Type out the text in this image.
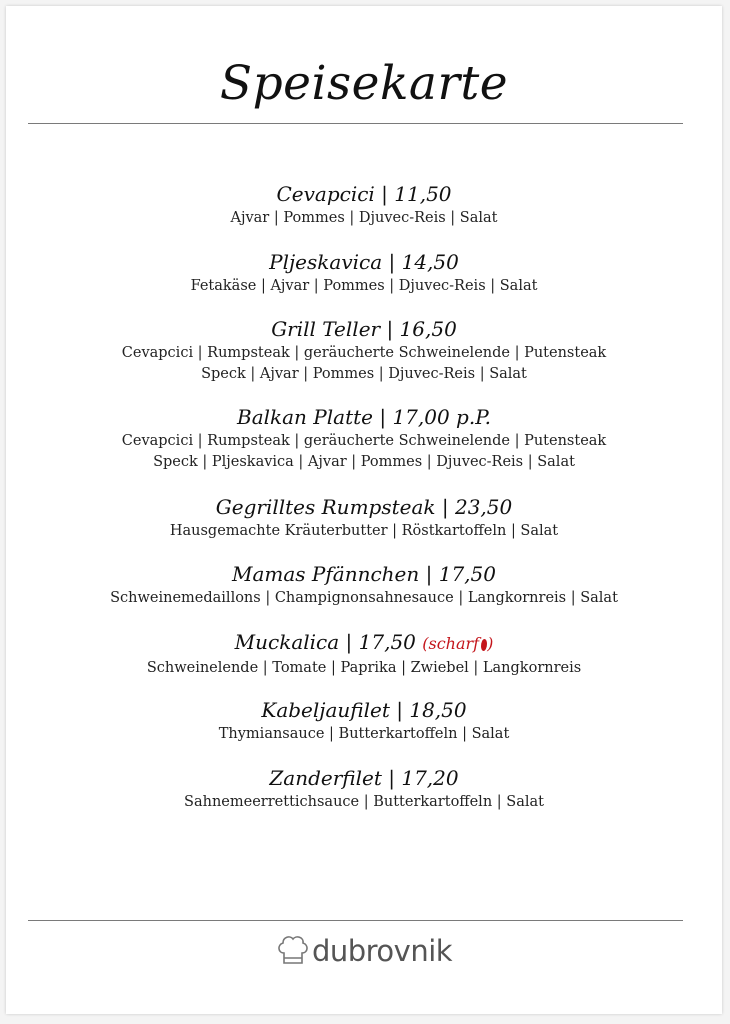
Speisekarte
Cevapcici | 11,50
Ajvar | Pommes | Djuvec-Reis | Salat
Pljeskavica | 14,50
Fetakäse | Ajvar | Pommes | Djuvec-Reis | Salat
Grill Teller | 16,50
Cevapcici | Rumpsteak | geräucherte Schweinelende | Putensteak
Speck | Ajvar | Pommes | Djuvec-Reis | Salat
Balkan Platte | 17,00 p.P.
Cevapcici | Rumpsteak | geräucherte Schweinelende | Putensteak
Speck | Pljeskavica | Ajvar | Pommes | Djuvec-Reis | Salat
Gegrilltes Rumpsteak | 23,50
Hausgemachte Kräuterbutter | Röstkartoffeln | Salat
Mamas Pfännchen | 17,50
Schweinemedaillons | Champignonsahnesauce | Langkornreis | Salat
Muckalica | 17,50 (scharf )
Schweinelende | Tomate | Paprika | Zwiebel | Langkornreis
Kabeljaufilet | 18,50
Thymiansauce | Butterkartoffeln | Salat
Zanderfilet | 17,20
Sahnemeerrettichsauce | Butterkartoffeln | Salat
dubrovnik
